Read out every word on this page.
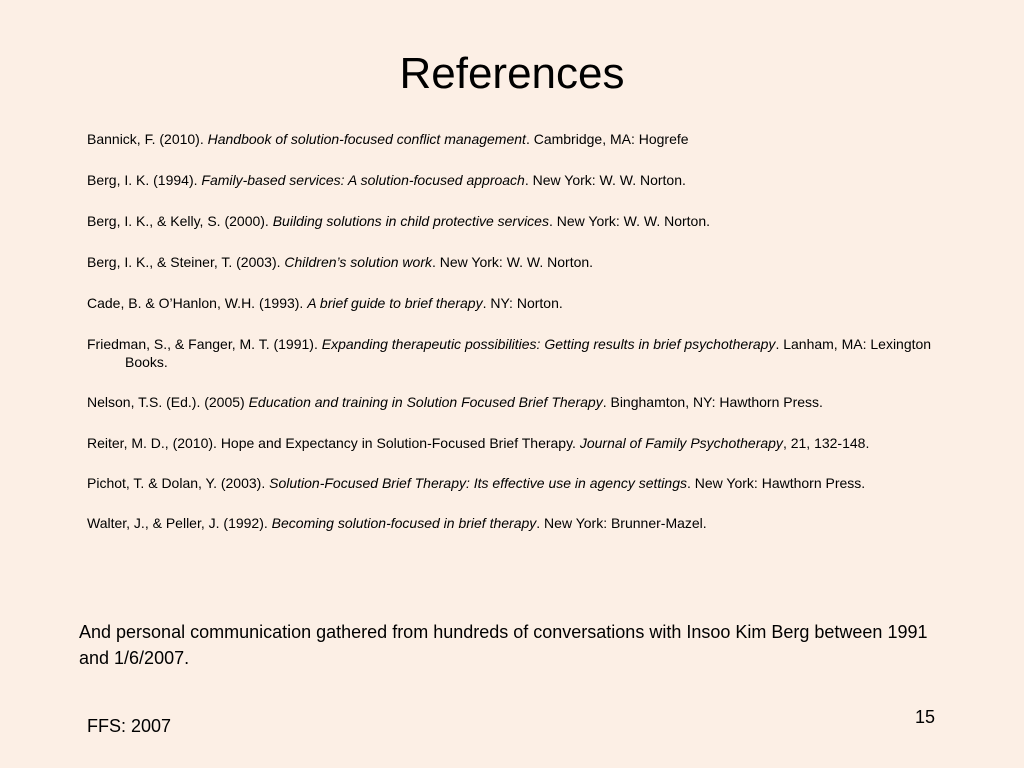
References
Bannick, F. (2010). Handbook of solution-focused conflict management. Cambridge, MA: Hogrefe
Berg, I. K. (1994). Family-based services: A solution-focused approach. New York: W. W. Norton.
Berg, I. K., & Kelly, S. (2000). Building solutions in child protective services. New York: W. W. Norton.
Berg, I. K., & Steiner, T. (2003). Children’s solution work. New York: W. W. Norton.
Cade, B. & O’Hanlon, W.H. (1993). A brief guide to brief therapy. NY: Norton.
Friedman, S., & Fanger, M. T. (1991). Expanding therapeutic possibilities: Getting results in brief psychotherapy. Lanham, MA: Lexington Books.
Nelson, T.S. (Ed.). (2005) Education and training in Solution Focused Brief Therapy. Binghamton, NY: Hawthorn Press.
Reiter, M. D., (2010). Hope and Expectancy in Solution-Focused Brief Therapy. Journal of Family Psychotherapy, 21, 132-148.
Pichot, T. & Dolan, Y. (2003). Solution-Focused Brief Therapy: Its effective use in agency settings. New York: Hawthorn Press.
Walter, J., & Peller, J. (1992). Becoming solution-focused in brief therapy. New York: Brunner-Mazel.

And personal communication gathered from hundreds of conversations with Insoo Kim Berg between 1991 and 1/6/2007.

FFS: 2007	15
